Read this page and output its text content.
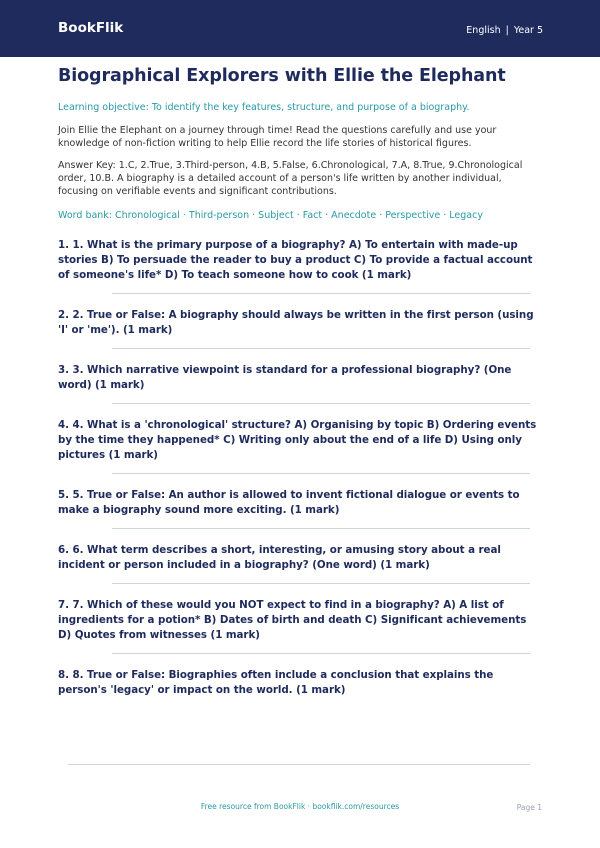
BookFlik	English | Year 5
Biographical Explorers with Ellie the Elephant

Learning objective: To identify the key features, structure, and purpose of a biography.

Join Ellie the Elephant on a journey through time! Read the questions carefully and use your knowledge of non-fiction writing to help Ellie record the life stories of historical figures.

Answer Key: 1.C, 2.True, 3.Third-person, 4.B, 5.False, 6.Chronological, 7.A, 8.True, 9.Chronological order, 10.B. A biography is a detailed account of a person's life written by another individual, focusing on verifiable events and significant contributions.

Word bank: Chronological · Third-person · Subject · Fact · Anecdote · Perspective · Legacy

1. 1. What is the primary purpose of a biography? A) To entertain with made-up stories B) To persuade the reader to buy a product C) To provide a factual account of someone's life* D) To teach someone how to cook (1 mark)
2. 2. True or False: A biography should always be written in the first person (using 'I' or 'me'). (1 mark)
3. 3. Which narrative viewpoint is standard for a professional biography? (One word) (1 mark)
4. 4. What is a 'chronological' structure? A) Organising by topic B) Ordering events by the time they happened* C) Writing only about the end of a life D) Using only pictures (1 mark)
5. 5. True or False: An author is allowed to invent fictional dialogue or events to make a biography sound more exciting. (1 mark)
6. 6. What term describes a short, interesting, or amusing story about a real incident or person included in a biography? (One word) (1 mark)
7. 7. Which of these would you NOT expect to find in a biography? A) A list of ingredients for a potion* B) Dates of birth and death C) Significant achievements D) Quotes from witnesses (1 mark)
8. 8. True or False: Biographies often include a conclusion that explains the person's 'legacy' or impact on the world. (1 mark)
Free resource from BookFlik · bookflik.com/resources	Page 1
